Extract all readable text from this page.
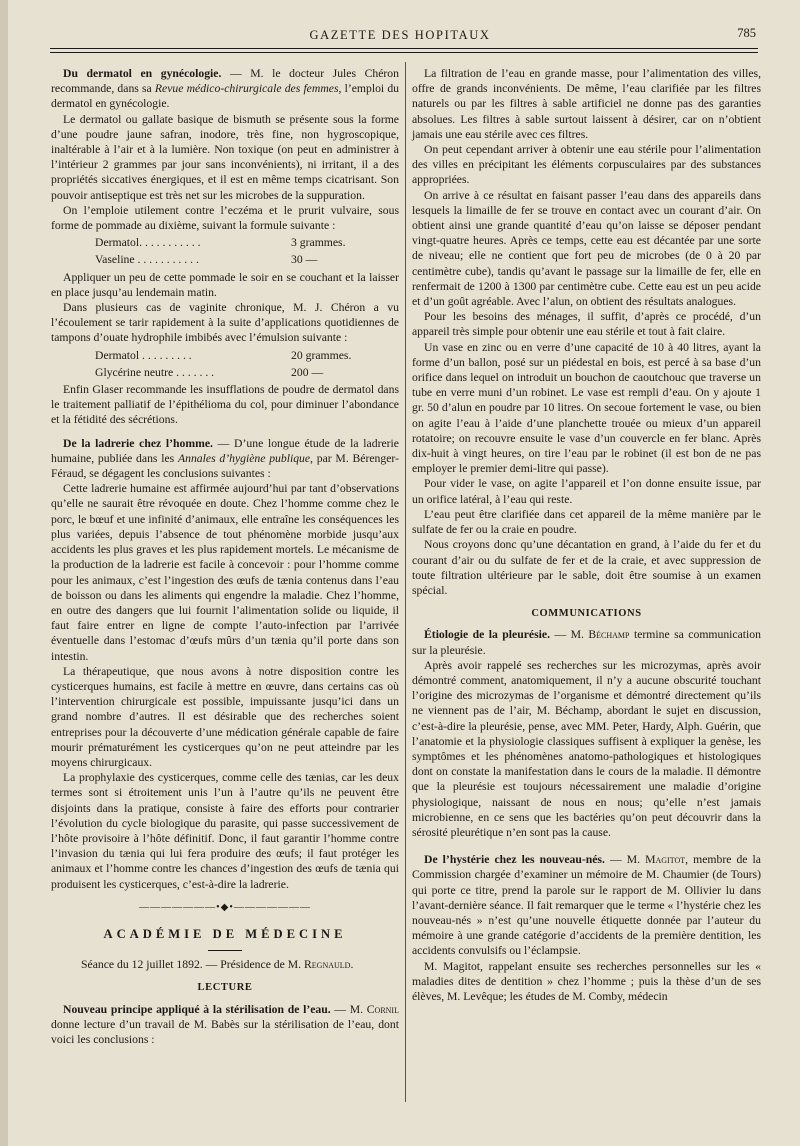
GAZETTE DES HOPITAUX	785

Du dermatol en gynécologie. — M. le docteur Jules Chéron recommande, dans sa Revue médico-chirurgicale des femmes, l’emploi du dermatol en gynécologie.

Le dermatol ou gallate basique de bismuth se présente sous la forme d’une poudre jaune safran, inodore, très fine, non hygroscopique, inaltérable à l’air et à la lumière. Non toxique (on peut en administrer à l’intérieur 2 grammes par jour sans inconvénients), ni irritant, il a des propriétés siccatives énergiques, et il est en même temps cicatrisant. Son pouvoir antiseptique est très net sur les microbes de la suppuration.

On l’emploie utilement contre l’eczéma et le prurit vulvaire, sous forme de pommade au dixième, suivant la formule suivante :

Dermatol. . . . . . . . . . .	3 grammes.
Vaseline . . . . . . . . . . .	30 —

Appliquer un peu de cette pommade le soir en se couchant et la laisser en place jusqu’au lendemain matin.

Dans plusieurs cas de vaginite chronique, M. J. Chéron a vu l’écoulement se tarir rapidement à la suite d’applications quotidiennes de tampons d’ouate hydrophile imbibés avec l’émulsion suivante :

Dermatol . . . . . . . . .	20 grammes.
Glycérine neutre . . . . . . .	200 —

Enfin Glaser recommande les insufflations de poudre de dermatol dans le traitement palliatif de l’épithélioma du col, pour diminuer l’abondance et la fétidité des sécrétions.

De la ladrerie chez l’homme. — D’une longue étude de la ladrerie humaine, publiée dans les Annales d’hygiène publique, par M. Bérenger-Féraud, se dégagent les conclusions suivantes :

Cette ladrerie humaine est affirmée aujourd’hui par tant d’observations qu’elle ne saurait être révoquée en doute. Chez l’homme comme chez le porc, le bœuf et une infinité d’animaux, elle entraîne les conséquences les plus variées, depuis l’absence de tout phénomène morbide jusqu’aux accidents les plus graves et les plus rapidement mortels. Le mécanisme de la production de la ladrerie est facile à concevoir : pour l’homme comme pour les animaux, c’est l’ingestion des œufs de tænia contenus dans l’eau de boisson ou dans les aliments qui engendre la maladie. Chez l’homme, en outre des dangers que lui fournit l’alimentation solide ou liquide, il faut faire entrer en ligne de compte l’auto-infection par l’arrivée éventuelle dans l’estomac d’œufs mûrs d’un tænia qu’il porte dans son intestin.

La thérapeutique, que nous avons à notre disposition contre les cysticerques humains, est facile à mettre en œuvre, dans certains cas où l’intervention chirurgicale est possible, impuissante jusqu’ici dans un grand nombre d’autres. Il est désirable que des recherches soient entreprises pour la découverte d’une médication générale capable de faire mourir prématurément les cysticerques qu’on ne peut atteindre par les moyens chirurgicaux.

La prophylaxie des cysticerques, comme celle des tænias, car les deux termes sont si étroitement unis l’un à l’autre qu’ils ne peuvent être disjoints dans la pratique, consiste à faire des efforts pour contrarier l’évolution du cycle biologique du parasite, qui passe successivement de l’hôte provisoire à l’hôte définitif. Donc, il faut garantir l’homme contre l’invasion du tænia qui lui fera produire des œufs; il faut protéger les animaux et l’homme contre les chances d’ingestion des œufs de tænia qui produisent les cysticerques, c’est-à-dire la ladrerie.

———————•◆•———————
ACADÉMIE DE MÉDECINE

Séance du 12 juillet 1892. — Présidence de M. Regnauld.

LECTURE

Nouveau principe appliqué à la stérilisation de l’eau. — M. Cornil donne lecture d’un travail de M. Babès sur la stérilisation de l’eau, dont voici les conclusions :

La filtration de l’eau en grande masse, pour l’alimentation des villes, offre de grands inconvénients. De même, l’eau clarifiée par les filtres naturels ou par les filtres à sable artificiel ne donne pas des garanties absolues. Les filtres à sable surtout laissent à désirer, car on n’obtient jamais une eau stérile avec ces filtres.

On peut cependant arriver à obtenir une eau stérile pour l’alimentation des villes en précipitant les éléments corpusculaires par des substances appropriées.

On arrive à ce résultat en faisant passer l’eau dans des appareils dans lesquels la limaille de fer se trouve en contact avec un courant d’air. On obtient ainsi une grande quantité d’eau qu’on laisse se déposer pendant vingt-quatre heures. Après ce temps, cette eau est décantée par une sorte de niveau; elle ne contient que fort peu de microbes (de 0 à 20 par centimètre cube), tandis qu’avant le passage sur la limaille de fer, elle en renfermait de 1200 à 1300 par centimètre cube. Cette eau est un peu acide et d’un goût agréable. Avec l’alun, on obtient des résultats analogues.

Pour les besoins des ménages, il suffit, d’après ce procédé, d’un appareil très simple pour obtenir une eau stérile et tout à fait claire.

Un vase en zinc ou en verre d’une capacité de 10 à 40 litres, ayant la forme d’un ballon, posé sur un piédestal en bois, est percé à sa base d’un orifice dans lequel on introduit un bouchon de caoutchouc que traverse un tube en verre muni d’un robinet. Le vase est rempli d’eau. On y ajoute 1 gr. 50 d’alun en poudre par 10 litres. On secoue fortement le vase, ou bien on agite l’eau à l’aide d’une planchette trouée ou mieux d’un appareil rotatoire; on recouvre ensuite le vase d’un couvercle en fer blanc. Après dix-huit à vingt heures, on tire l’eau par le robinet (il est bon de ne pas employer le premier demi-litre qui passe).

Pour vider le vase, on agite l’appareil et l’on donne ensuite issue, par un orifice latéral, à l’eau qui reste.

L’eau peut être clarifiée dans cet appareil de la même manière par le sulfate de fer ou la craie en poudre.

Nous croyons donc qu’une décantation en grand, à l’aide du fer et du courant d’air ou du sulfate de fer et de la craie, et avec suppression de toute filtration ultérieure par le sable, doit être soumise à un examen spécial.

COMMUNICATIONS

Étiologie de la pleurésie. — M. Béchamp termine sa communication sur la pleurésie.

Après avoir rappelé ses recherches sur les microzymas, après avoir démontré comment, anatomiquement, il n’y a aucune obscurité touchant l’origine des microzymas de l’organisme et démontré directement qu’ils ne viennent pas de l’air, M. Béchamp, abordant le sujet en discussion, c’est-à-dire la pleurésie, pense, avec MM. Peter, Hardy, Alph. Guérin, que l’anatomie et la physiologie classiques suffisent à expliquer la genèse, les symptômes et les phénomènes anatomo-pathologiques et histologiques dont on constate la manifestation dans le cours de la maladie. Il démontre que la pleurésie est toujours nécessairement une maladie d’origine physiologique, naissant de nous en nous; qu’elle n’est jamais microbienne, en ce sens que les bactéries qu’on peut découvrir dans la sérosité pleurétique n’en sont pas la cause.

De l’hystérie chez les nouveau-nés. — M. Magitot, membre de la Commission chargée d’examiner un mémoire de M. Chaumier (de Tours) qui porte ce titre, prend la parole sur le rapport de M. Ollivier lu dans l’avant-dernière séance. Il fait remarquer que le terme « l’hystérie chez les nouveau-nés » n’est qu’une nouvelle étiquette donnée par l’auteur du mémoire à une grande catégorie d’accidents de la première dentition, les accidents convulsifs ou l’éclampsie.

M. Magitot, rappelant ensuite ses recherches personnelles sur les « maladies dites de dentition » chez l’homme ; puis la thèse d’un de ses élèves, M. Levêque; les études de M. Comby, médecin
